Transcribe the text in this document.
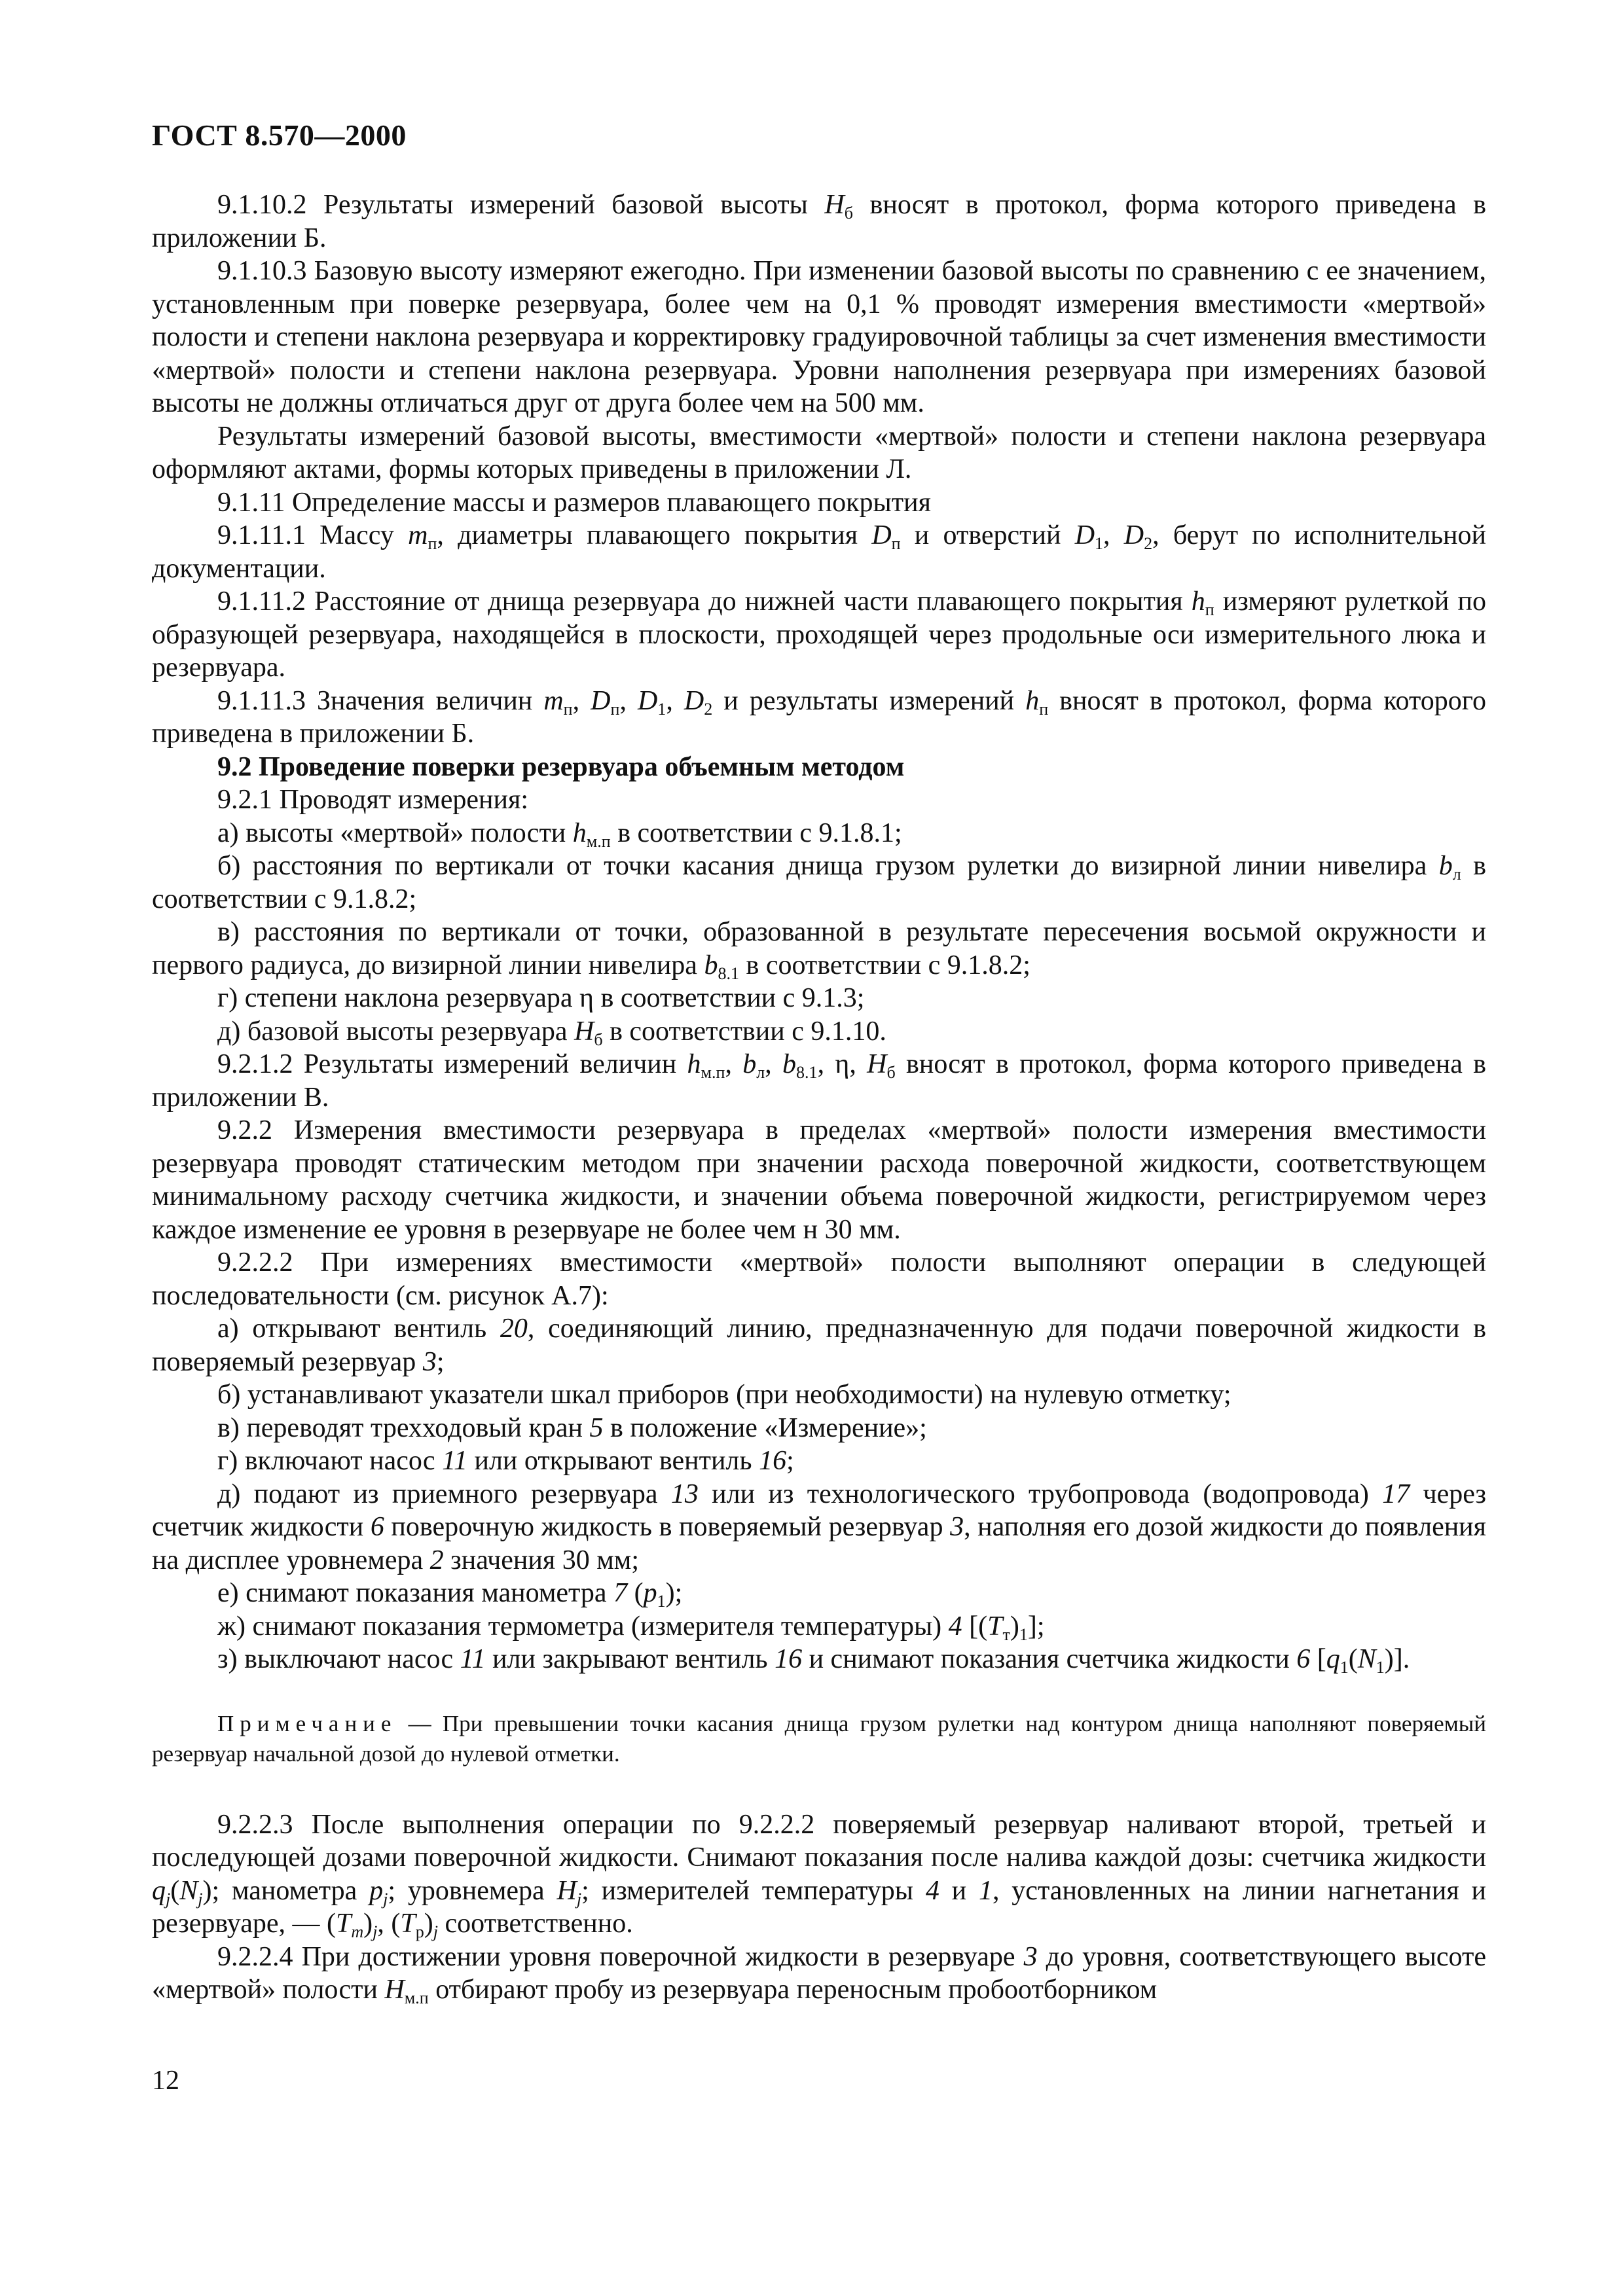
ГОСТ 8.570—2000

9.1.10.2 Результаты измерений базовой высоты $H_б$ вносят в протокол, форма которого приведена в приложении Б.

9.1.10.3 Базовую высоту измеряют ежегодно. При изменении базовой высоты по сравнению с ее значением, установленным при поверке резервуара, более чем на 0,1 % проводят измерения вместимости «мертвой» полости и степени наклона резервуара и корректировку градуировочной таблицы за счет изменения вместимости «мертвой» полости и степени наклона резервуара. Уровни наполнения резервуара при измерениях базовой высоты не должны отличаться друг от друга более чем на 500 мм.

Результаты измерений базовой высоты, вместимости «мертвой» полости и степени наклона резервуара оформляют актами, формы которых приведены в приложении Л.

9.1.11 Определение массы и размеров плавающего покрытия

9.1.11.1 Массу $m_п$, диаметры плавающего покрытия $D_п$ и отверстий $D_1$, $D_2$, берут по исполнительной документации.

9.1.11.2 Расстояние от днища резервуара до нижней части плавающего покрытия $h_п$ измеряют рулеткой по образующей резервуара, находящейся в плоскости, проходящей через продольные оси измерительного люка и резервуара.

9.1.11.3 Значения величин $m_п$, $D_п$, $D_1$, $D_2$ и результаты измерений $h_п$ вносят в протокол, форма которого приведена в приложении Б.

9.2 Проведение поверки резервуара объемным методом

9.2.1 Проводят измерения:

а) высоты «мертвой» полости $h_{м.п}$ в соответствии с 9.1.8.1;

б) расстояния по вертикали от точки касания днища грузом рулетки до визирной линии нивелира $b_л$ в соответствии с 9.1.8.2;

в) расстояния по вертикали от точки, образованной в результате пересечения восьмой окружности и первого радиуса, до визирной линии нивелира $b_{8.1}$ в соответствии с 9.1.8.2;

г) степени наклона резервуара η в соответствии с 9.1.3;

д) базовой высоты резервуара $H_б$ в соответствии с 9.1.10.

9.2.1.2 Результаты измерений величин $h_{м.п}$, $b_л$, $b_{8.1}$, η, $H_б$ вносят в протокол, форма которого приведена в приложении В.

9.2.2 Измерения вместимости резервуара в пределах «мертвой» полости измерения вместимости резервуара проводят статическим методом при значении расхода поверочной жидкости, соответствующем минимальному расходу счетчика жидкости, и значении объема поверочной жидкости, регистрируемом через каждое изменение ее уровня в резервуаре не более чем н 30 мм.

9.2.2.2 При измерениях вместимости «мертвой» полости выполняют операции в следующей последовательности (см. рисунок А.7):

а) открывают вентиль 20, соединяющий линию, предназначенную для подачи поверочной жидкости в поверяемый резервуар 3;

б) устанавливают указатели шкал приборов (при необходимости) на нулевую отметку;

в) переводят трехходовый кран 5 в положение «Измерение»;

г) включают насос 11 или открывают вентиль 16;

д) подают из приемного резервуара 13 или из технологического трубопровода (водопровода) 17 через счетчик жидкости 6 поверочную жидкость в поверяемый резервуар 3, наполняя его дозой жидкости до появления на дисплее уровнемера 2 значения 30 мм;

е) снимают показания манометра 7 $(p_1)$;

ж) снимают показания термометра (измерителя температуры) 4 $[(T_т)_1]$;

з) выключают насос 11 или закрывают вентиль 16 и снимают показания счетчика жидкости 6 $[q_1(N_1)]$.

Примечание — При превышении точки касания днища грузом рулетки над контуром днища наполняют поверяемый резервуар начальной дозой до нулевой отметки.

9.2.2.3 После выполнения операции по 9.2.2.2 поверяемый резервуар наливают второй, третьей и последующей дозами поверочной жидкости. Снимают показания после налива каждой дозы: счетчика жидкости $q_j(N_j)$; манометра $p_j$; уровнемера $H_j$; измерителей температуры 4 и 1, установленных на линии нагнетания и резервуаре, — $(T_m)_j$, $(T_р)_j$ соответственно.

9.2.2.4 При достижении уровня поверочной жидкости в резервуаре 3 до уровня, соответствующего высоте «мертвой» полости $H_{м.п}$ отбирают пробу из резервуара переносным пробоотборником

12
